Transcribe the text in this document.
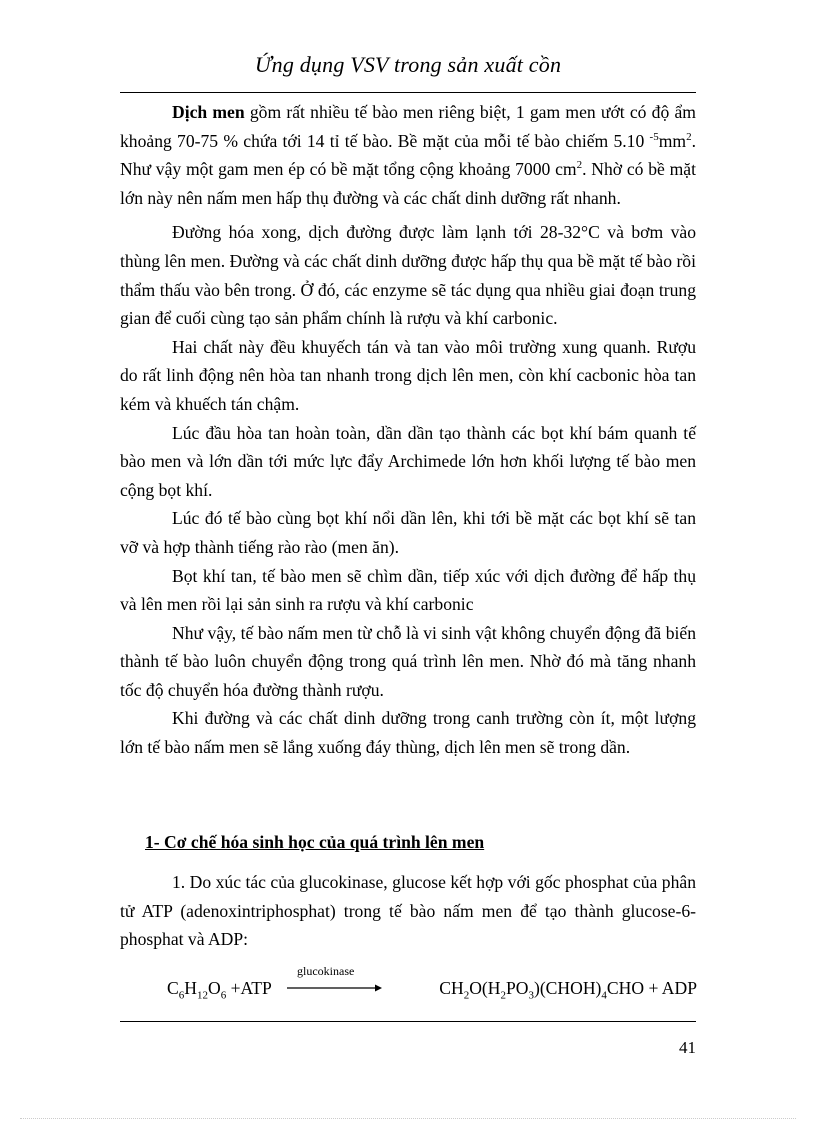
Ứng dụng VSV trong sản xuất cồn

Dịch men gồm rất nhiều tế bào men riêng biệt, 1 gam men ướt có độ ẩm khoảng 70-75 % chứa tới 14 tỉ tế bào. Bề mặt của mỗi tế bào chiếm 5.10 $^{-5}mm^2$. Như vậy một gam men ép có bề mặt tổng cộng khoảng 7000 $cm^2$. Nhờ có bề mặt lớn này nên nấm men hấp thụ đường và các chất dinh dưỡng rất nhanh.

Đường hóa xong, dịch đường được làm lạnh tới 28-32°C và bơm vào thùng lên men. Đường và các chất dinh dưỡng được hấp thụ qua bề mặt tế bào rồi thẩm thấu vào bên trong. Ở đó, các enzyme sẽ tác dụng qua nhiều giai đoạn trung gian để cuối cùng tạo sản phẩm chính là rượu và khí carbonic.

Hai chất này đều khuyếch tán và tan vào môi trường xung quanh. Rượu do rất linh động nên hòa tan nhanh trong dịch lên men, còn khí cacbonic hòa tan kém và khuếch tán chậm.

Lúc đầu hòa tan hoàn toàn, dần dần tạo thành các bọt khí bám quanh tế bào men và lớn dần tới mức lực đẩy Archimede lớn hơn khối lượng tế bào men cộng bọt khí.

Lúc đó tế bào cùng bọt khí nổi dần lên, khi tới bề mặt các bọt khí sẽ tan vỡ và hợp thành tiếng rào rào (men ăn).

Bọt khí tan, tế bào men sẽ chìm dần, tiếp xúc với dịch đường để hấp thụ và lên men rồi lại sản sinh ra rượu và khí carbonic

Như vậy, tế bào nấm men từ chỗ là vi sinh vật không chuyển động đã biến thành tế bào luôn chuyển động trong quá trình lên men. Nhờ đó mà tăng nhanh tốc độ chuyển hóa đường thành rượu.

Khi đường và các chất dinh dưỡng trong canh trường còn ít, một lượng lớn tế bào nấm men sẽ lắng xuống đáy thùng, dịch lên men sẽ trong dần.

1- Cơ chế hóa sinh học của quá trình lên men

1. Do xúc tác của glucokinase, glucose kết hợp với gốc phosphat của phân tử ATP (adenoxintriphosphat) trong tế bào nấm men để tạo thành glucose-6-phosphat và ADP:

$C_6H_{12}O_6 +ATP$
glucokinase
$CH_2O(H_2PO_3)(CHOH)_4CHO$ + ADP
41
